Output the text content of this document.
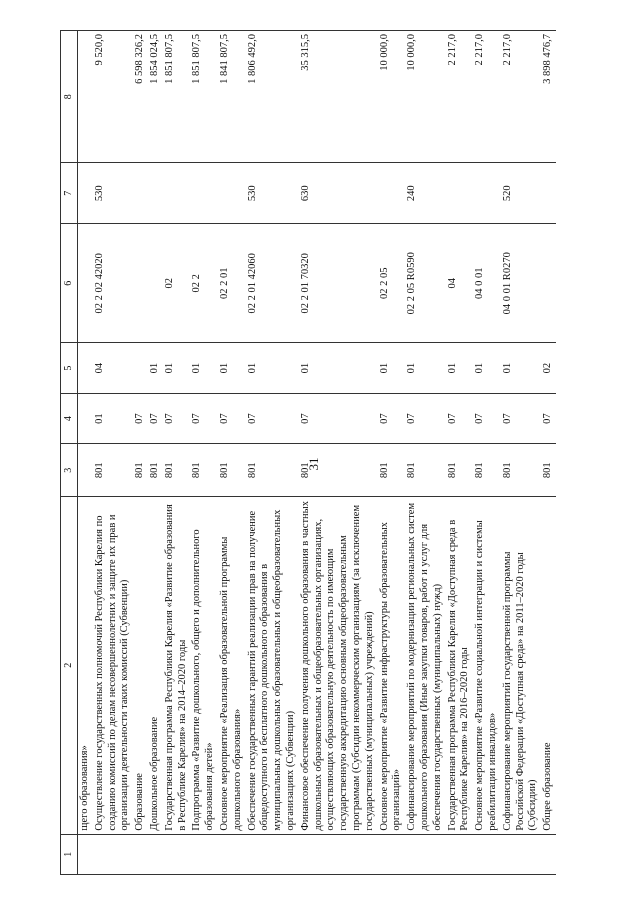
31
1	2	3	4	5	6	7	8
	щего образования»						
	Осуществление государственных полномочий Республики Карелия по созданию комиссий по делам несовершеннолетних и защите их прав и организации деятельности таких комиссий (Субвенции)	801	01	04	02 2 02 42020	530	9 520,0
	Образование	801	07				6 598 326,2
	Дошкольное образование	801	07	01			1 854 024,5
	Государственная программа Республики Карелия «Развитие образования в Республике Карелия» на 2014–2020 годы	801	07	01	02		1 851 807,5
	Подпрограмма «Развитие дошкольного, общего и дополнительного образования детей»	801	07	01	02 2		1 851 807,5
	Основное мероприятие «Реализация образовательной программы дошкольного образования»	801	07	01	02 2 01		1 841 807,5
	Обеспечение государственных гарантий реализации прав на получение общедоступного и бесплатного дошкольного образования в муниципальных дошкольных образовательных и общеобразовательных организациях (Субвенции)	801	07	01	02 2 01 42060	530	1 806 492,0
	Финансовое обеспечение получения дошкольного образования в частных дошкольных образовательных и общеобразовательных организациях, осуществляющих образовательную деятельность по имеющим государственную аккредитацию основным общеобразовательным программам (Субсидии некоммерческим организациям (за исключением государственных (муниципальных) учреждений)	801	07	01	02 2 01 70320	630	35 315,5
	Основное мероприятие «Развитие инфраструктуры образовательных организаций»	801	07	01	02 2 05		10 000,0
	Софинансирование мероприятий по модернизации региональных систем дошкольного образования (Иные закупки товаров, работ и услуг для обеспечения государственных (муниципальных) нужд)	801	07	01	02 2 05 R0590	240	10 000,0
	Государственная программа Республики Карелия «Доступная среда в Республике Карелия» на 2016–2020 годы	801	07	01	04		2 217,0
	Основное мероприятие «Развитие социальной интеграции и системы реабилитации инвалидов»	801	07	01	04 0 01		2 217,0
	Софинансирование мероприятий государственной программы Российской Федерации «Доступная среда» на 2011–2020 годы (Субсидии)	801	07	01	04 0 01 R0270	520	2 217,0
	Общее образование	801	07	02			3 898 476,7
